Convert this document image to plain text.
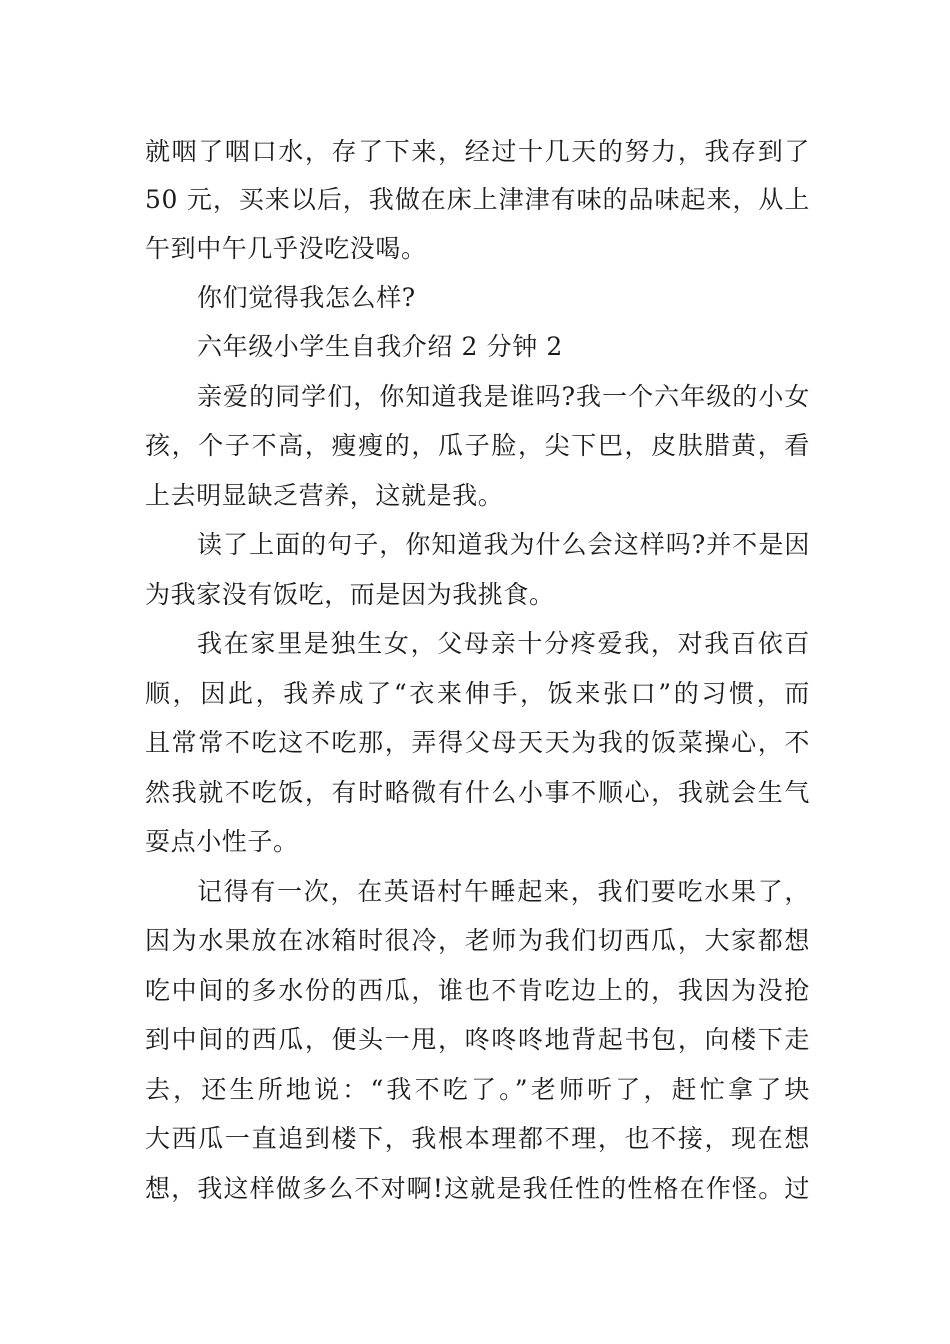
就咽了咽口水，存了下来，经过十几天的努力，我存到了

50 元，买来以后，我做在床上津津有味的品味起来，从上

午到中午几乎没吃没喝。

你们觉得我怎么样?

六年级小学生自我介绍 2 分钟 2

亲爱的同学们，你知道我是谁吗?我一个六年级的小女

孩，个子不高，瘦瘦的，瓜子脸，尖下巴，皮肤腊黄，看

上去明显缺乏营养，这就是我。

读了上面的句子，你知道我为什么会这样吗?并不是因

为我家没有饭吃，而是因为我挑食。

我在家里是独生女，父母亲十分疼爱我，对我百依百

顺，因此，我养成了“衣来伸手，饭来张口”的习惯，而

且常常不吃这不吃那，弄得父母天天为我的饭菜操心，不

然我就不吃饭，有时略微有什么小事不顺心，我就会生气

耍点小性子。

记得有一次，在英语村午睡起来，我们要吃水果了，

因为水果放在冰箱时很冷，老师为我们切西瓜，大家都想

吃中间的多水份的西瓜，谁也不肯吃边上的，我因为没抢

到中间的西瓜，便头一甩，咚咚咚地背起书包，向楼下走

去，还生所地说：“我不吃了。”老师听了，赶忙拿了块

大西瓜一直追到楼下，我根本理都不理，也不接，现在想

想，我这样做多么不对啊!这就是我任性的性格在作怪。过
